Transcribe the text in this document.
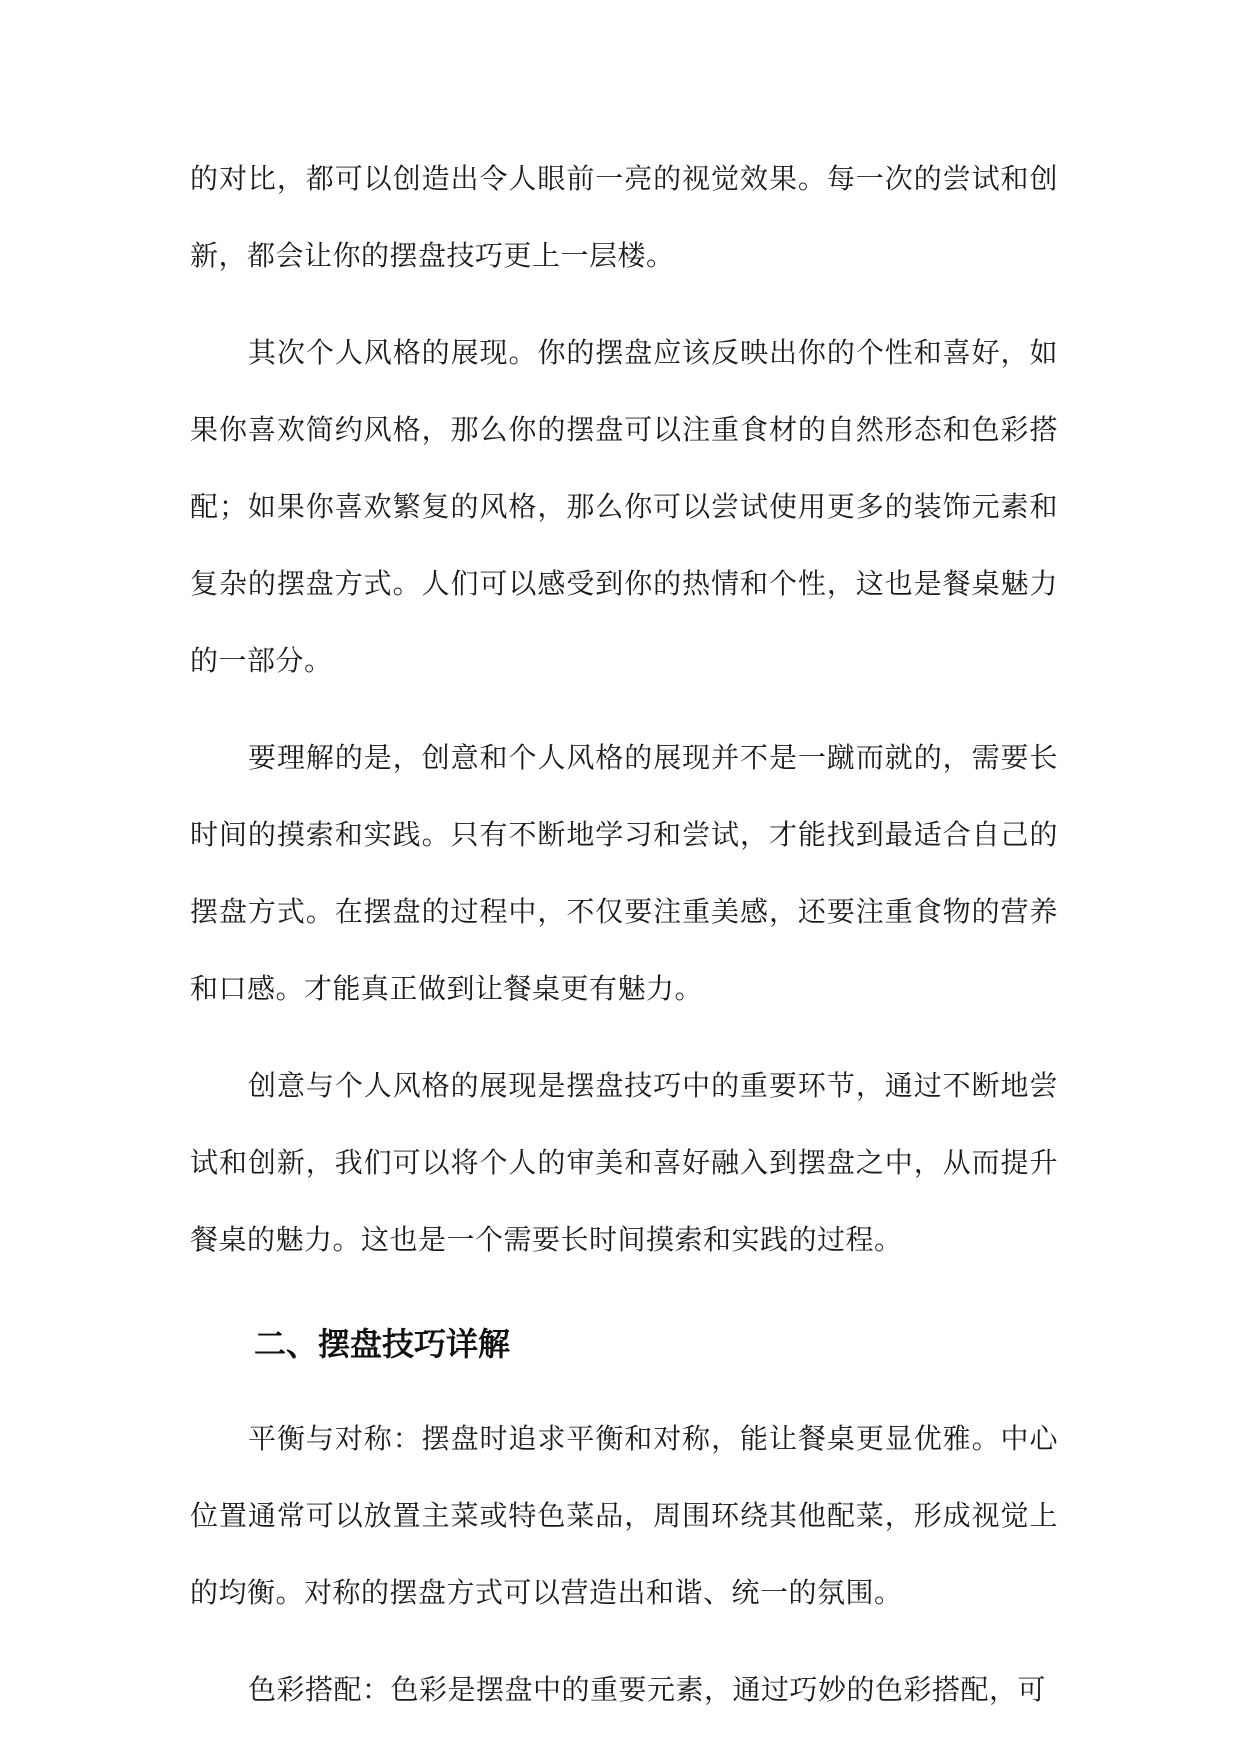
的对比，都可以创造出令人眼前一亮的视觉效果。每一次的尝试和创新，都会让你的摆盘技巧更上一层楼。

其次个人风格的展现。你的摆盘应该反映出你的个性和喜好，如果你喜欢简约风格，那么你的摆盘可以注重食材的自然形态和色彩搭配；如果你喜欢繁复的风格，那么你可以尝试使用更多的装饰元素和复杂的摆盘方式。人们可以感受到你的热情和个性，这也是餐桌魅力的一部分。

要理解的是，创意和个人风格的展现并不是一蹴而就的，需要长时间的摸索和实践。只有不断地学习和尝试，才能找到最适合自己的摆盘方式。在摆盘的过程中，不仅要注重美感，还要注重食物的营养和口感。才能真正做到让餐桌更有魅力。

创意与个人风格的展现是摆盘技巧中的重要环节，通过不断地尝试和创新，我们可以将个人的审美和喜好融入到摆盘之中，从而提升餐桌的魅力。这也是一个需要长时间摸索和实践的过程。

二、摆盘技巧详解

平衡与对称：摆盘时追求平衡和对称，能让餐桌更显优雅。中心位置通常可以放置主菜或特色菜品，周围环绕其他配菜，形成视觉上的均衡。对称的摆盘方式可以营造出和谐、统一的氛围。

色彩搭配：色彩是摆盘中的重要元素，通过巧妙的色彩搭配，可
